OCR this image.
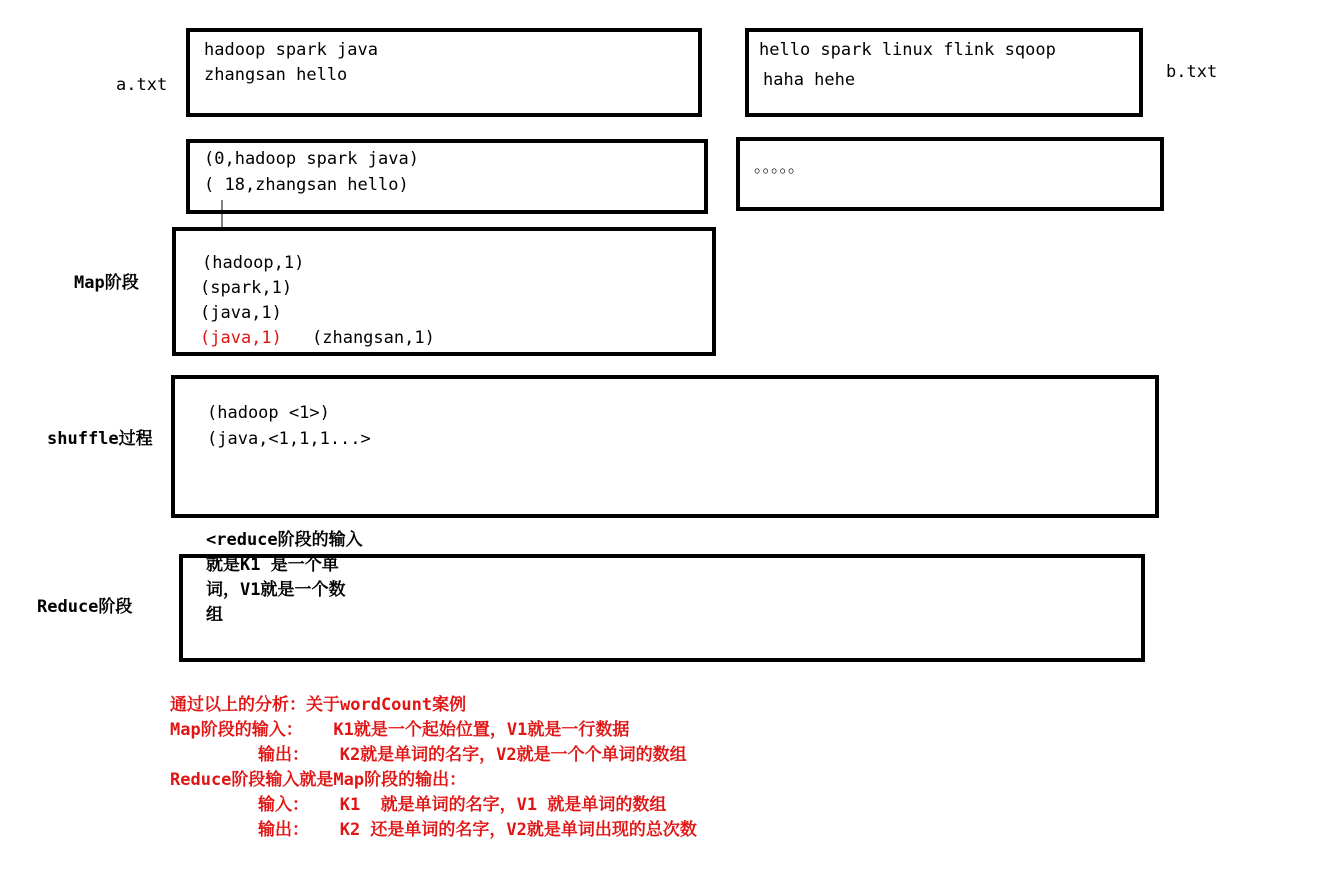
a.txt
hadoop spark java
zhangsan hello
hello spark linux flink sqoop
haha hehe	b.txt
(0,hadoop spark java)
( 18,zhangsan hello)
。。。。。
Map阶段
(hadoop,1)
(spark,1)
(java,1)
(java,1) (zhangsan,1)
shuffle过程
(hadoop <1>)
(java,<1,1,1...>
Reduce阶段
<reduce阶段的输入
就是K1 是一个单
词，V1就是一个数
组
通过以上的分析：关于wordCount案例
Map阶段的输入：   K1就是一个起始位置，V1就是一行数据
输出：   K2就是单词的名字，V2就是一个个单词的数组
Reduce阶段输入就是Map阶段的输出：
输入：   K1  就是单词的名字，V1 就是单词的数组
输出：   K2 还是单词的名字，V2就是单词出现的总次数
